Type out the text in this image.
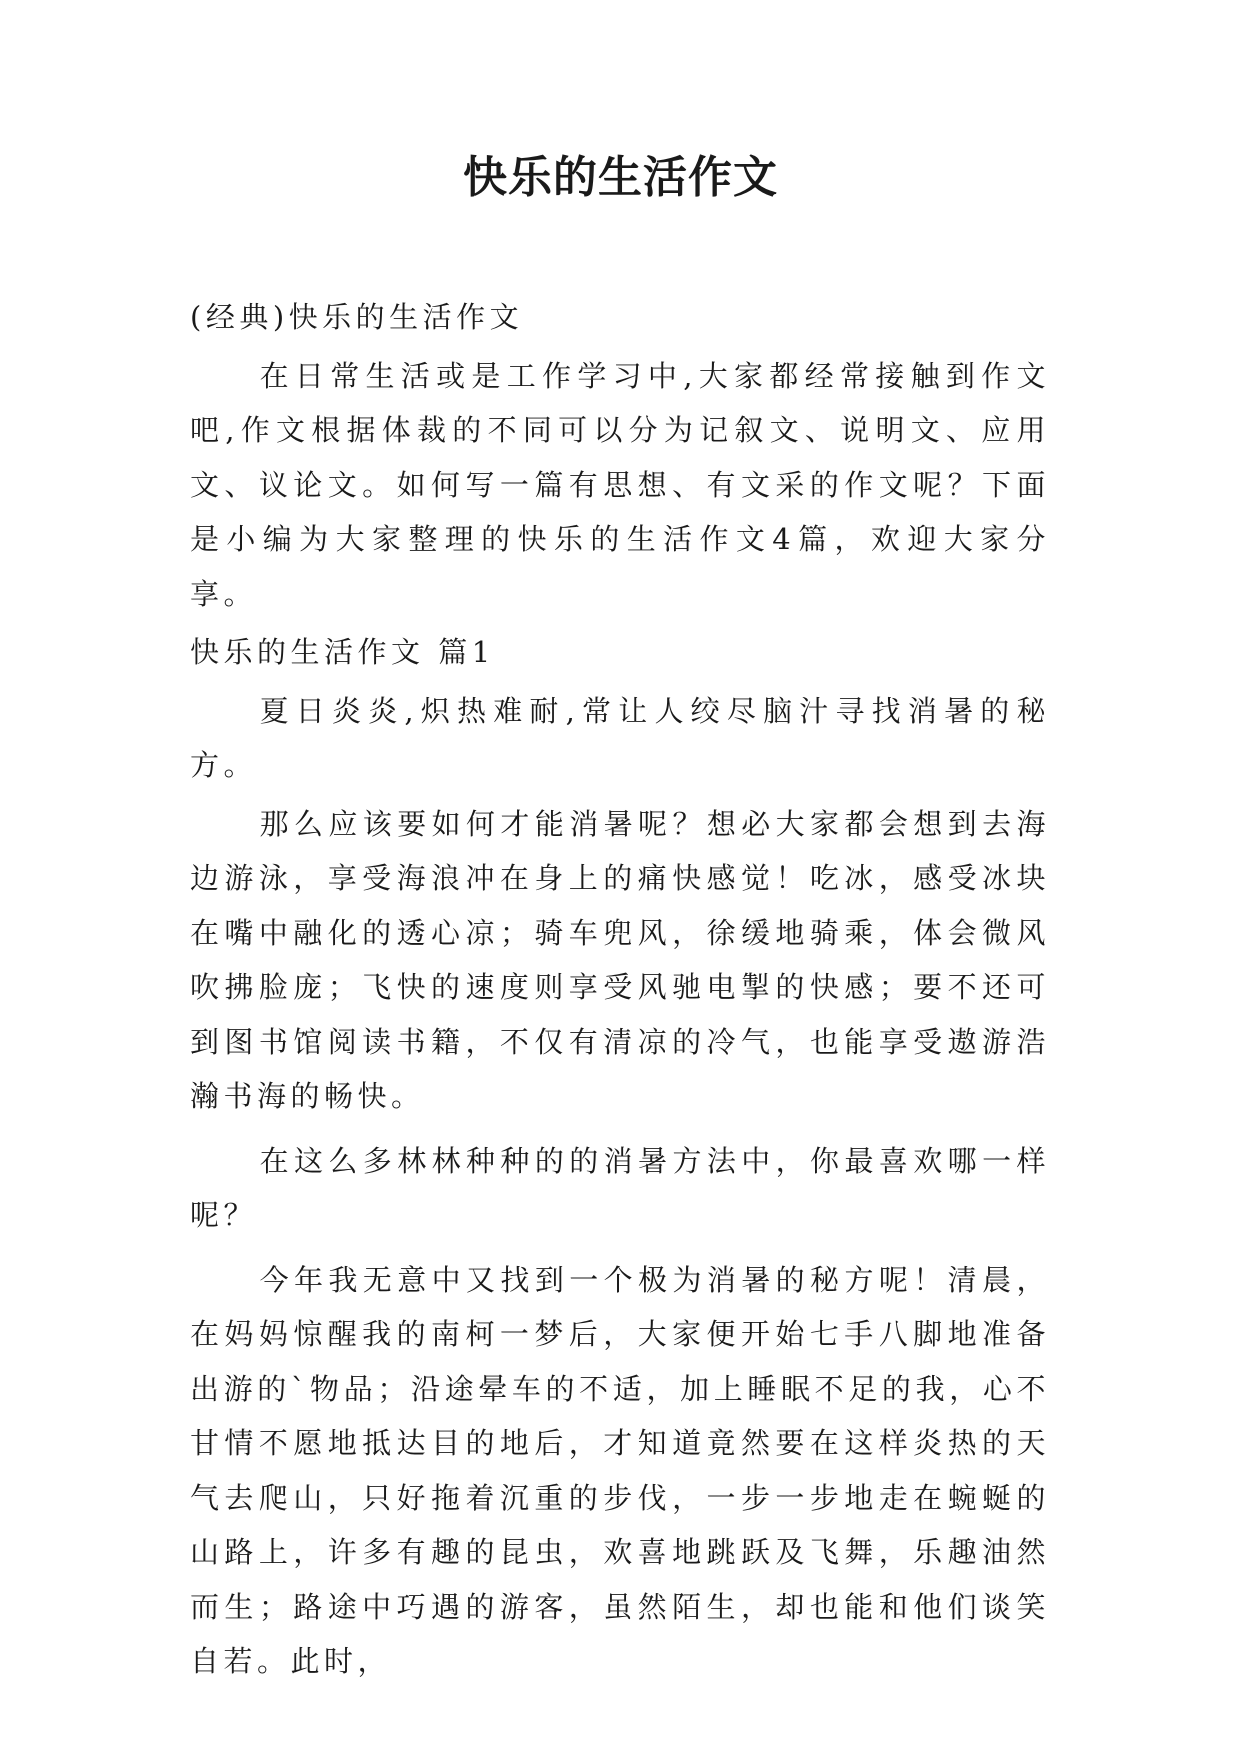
快乐的生活作文

(经典)快乐的生活作文

在日常生活或是工作学习中,大家都经常接触到作文吧,作文根据体裁的不同可以分为记叙文、说明文、应用文、议论文。如何写一篇有思想、有文采的作文呢？下面是小编为大家整理的快乐的生活作文4篇，欢迎大家分享。

快乐的生活作文 篇1

夏日炎炎,炽热难耐,常让人绞尽脑汁寻找消暑的秘方。

那么应该要如何才能消暑呢？想必大家都会想到去海边游泳，享受海浪冲在身上的痛快感觉！吃冰，感受冰块在嘴中融化的透心凉；骑车兜风，徐缓地骑乘，体会微风吹拂脸庞；飞快的速度则享受风驰电掣的快感；要不还可到图书馆阅读书籍，不仅有清凉的冷气，也能享受遨游浩瀚书海的畅快。

在这么多林林种种的的消暑方法中，你最喜欢哪一样呢？

今年我无意中又找到一个极为消暑的秘方呢！清晨，在妈妈惊醒我的南柯一梦后，大家便开始七手八脚地准备出游的`物品；沿途晕车的不适，加上睡眠不足的我，心不甘情不愿地抵达目的地后，才知道竟然要在这样炎热的天气去爬山，只好拖着沉重的步伐，一步一步地走在蜿蜒的山路上，许多有趣的昆虫，欢喜地跳跃及飞舞，乐趣油然而生；路途中巧遇的游客，虽然陌生，却也能和他们谈笑自若。此时，
